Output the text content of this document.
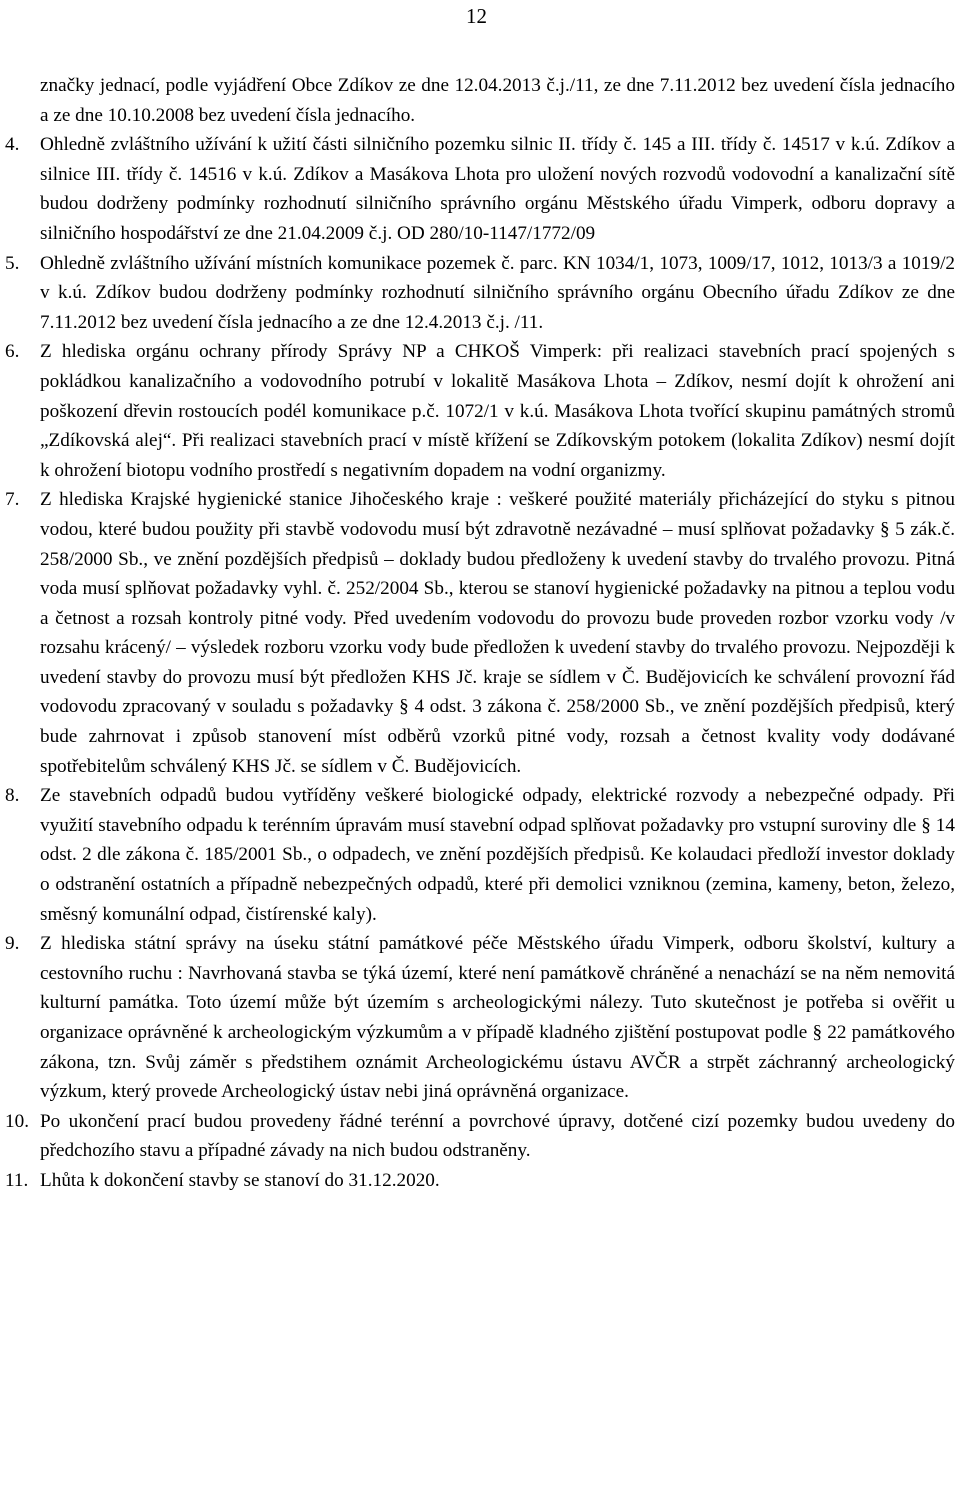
12
značky jednací, podle vyjádření Obce Zdíkov ze dne 12.04.2013 č.j./11, ze dne 7.11.2012 bez uvedení čísla jednacího a ze dne 10.10.2008 bez uvedení čísla jednacího.
4.	Ohledně zvláštního užívání k užití části silničního pozemku silnic II. třídy č. 145 a III. třídy č. 14517 v k.ú. Zdíkov a silnice III. třídy č. 14516 v k.ú. Zdíkov a Masákova Lhota pro uložení nových rozvodů vodovodní a kanalizační sítě budou dodrženy podmínky rozhodnutí silničního správního orgánu Městského úřadu Vimperk, odboru dopravy a silničního hospodářství ze dne 21.04.2009 č.j. OD 280/10-1147/1772/09
5.	Ohledně zvláštního užívání místních komunikace pozemek č. parc. KN 1034/1, 1073, 1009/17, 1012, 1013/3 a 1019/2 v k.ú. Zdíkov budou dodrženy podmínky rozhodnutí silničního správního orgánu Obecního úřadu Zdíkov ze dne 7.11.2012 bez uvedení čísla jednacího a ze dne 12.4.2013 č.j. /11.
6.	Z hlediska orgánu ochrany přírody Správy NP a CHKOŠ Vimperk: při realizaci stavebních prací spojených s pokládkou kanalizačního a vodovodního potrubí v lokalitě Masákova Lhota – Zdíkov, nesmí dojít k ohrožení ani poškození dřevin rostoucích podél komunikace p.č. 1072/1 v k.ú. Masákova Lhota tvořící skupinu památných stromů „Zdíkovská alej“. Při realizaci stavebních prací v místě křížení se Zdíkovským potokem (lokalita Zdíkov) nesmí dojít k ohrožení biotopu vodního prostředí s negativním dopadem na vodní organizmy.
7.	Z hlediska Krajské hygienické stanice Jihočeského kraje : veškeré použité materiály přicházející do styku s pitnou vodou, které budou použity při stavbě vodovodu musí být zdravotně nezávadné – musí splňovat požadavky § 5 zák.č. 258/2000 Sb., ve znění pozdějších předpisů – doklady budou předloženy k uvedení stavby do trvalého provozu. Pitná voda musí splňovat požadavky vyhl. č. 252/2004 Sb., kterou se stanoví hygienické požadavky na pitnou a teplou vodu a četnost a rozsah kontroly pitné vody. Před uvedením vodovodu do provozu bude proveden rozbor vzorku vody /v rozsahu krácený/ – výsledek rozboru vzorku vody bude předložen k uvedení stavby do trvalého provozu. Nejpozději k uvedení stavby do provozu musí být předložen KHS Jč. kraje se sídlem v Č. Budějovicích ke schválení provozní řád vodovodu zpracovaný v souladu s požadavky § 4 odst. 3 zákona č. 258/2000 Sb., ve znění pozdějších předpisů, který bude zahrnovat i způsob stanovení míst odběrů vzorků pitné vody, rozsah a četnost kvality vody dodávané spotřebitelům schválený KHS Jč. se sídlem v Č. Budějovicích.
8.	Ze stavebních odpadů budou vytříděny veškeré biologické odpady, elektrické rozvody a nebezpečné odpady. Při využití stavebního odpadu k terénním úpravám musí stavební odpad splňovat požadavky pro vstupní suroviny dle § 14 odst. 2 dle zákona č. 185/2001 Sb., o odpadech, ve znění pozdějších předpisů. Ke kolaudaci předloží investor doklady o odstranění ostatních a případně nebezpečných odpadů, které při demolici vzniknou (zemina, kameny, beton, železo, směsný komunální odpad, čistírenské kaly).
9.	Z hlediska státní správy na úseku státní památkové péče Městského úřadu Vimperk, odboru školství, kultury a cestovního ruchu : Navrhovaná stavba se týká území, které není památkově chráněné a nenachází se na něm nemovitá kulturní památka. Toto území může být územím s archeologickými nálezy. Tuto skutečnost je potřeba si ověřit u organizace oprávněné k archeologickým výzkumům a v případě kladného zjištění postupovat podle § 22 památkového zákona, tzn. Svůj záměr s předstihem oznámit Archeologickému ústavu AVČR a strpět záchranný archeologický výzkum, který provede Archeologický ústav nebi jiná oprávněná organizace.
10. Po ukončení prací budou provedeny řádné terénní a povrchové úpravy, dotčené cizí pozemky budou uvedeny do předchozího stavu a případné závady na nich budou odstraněny.
11. Lhůta k dokončení stavby se stanoví do 31.12.2020.
